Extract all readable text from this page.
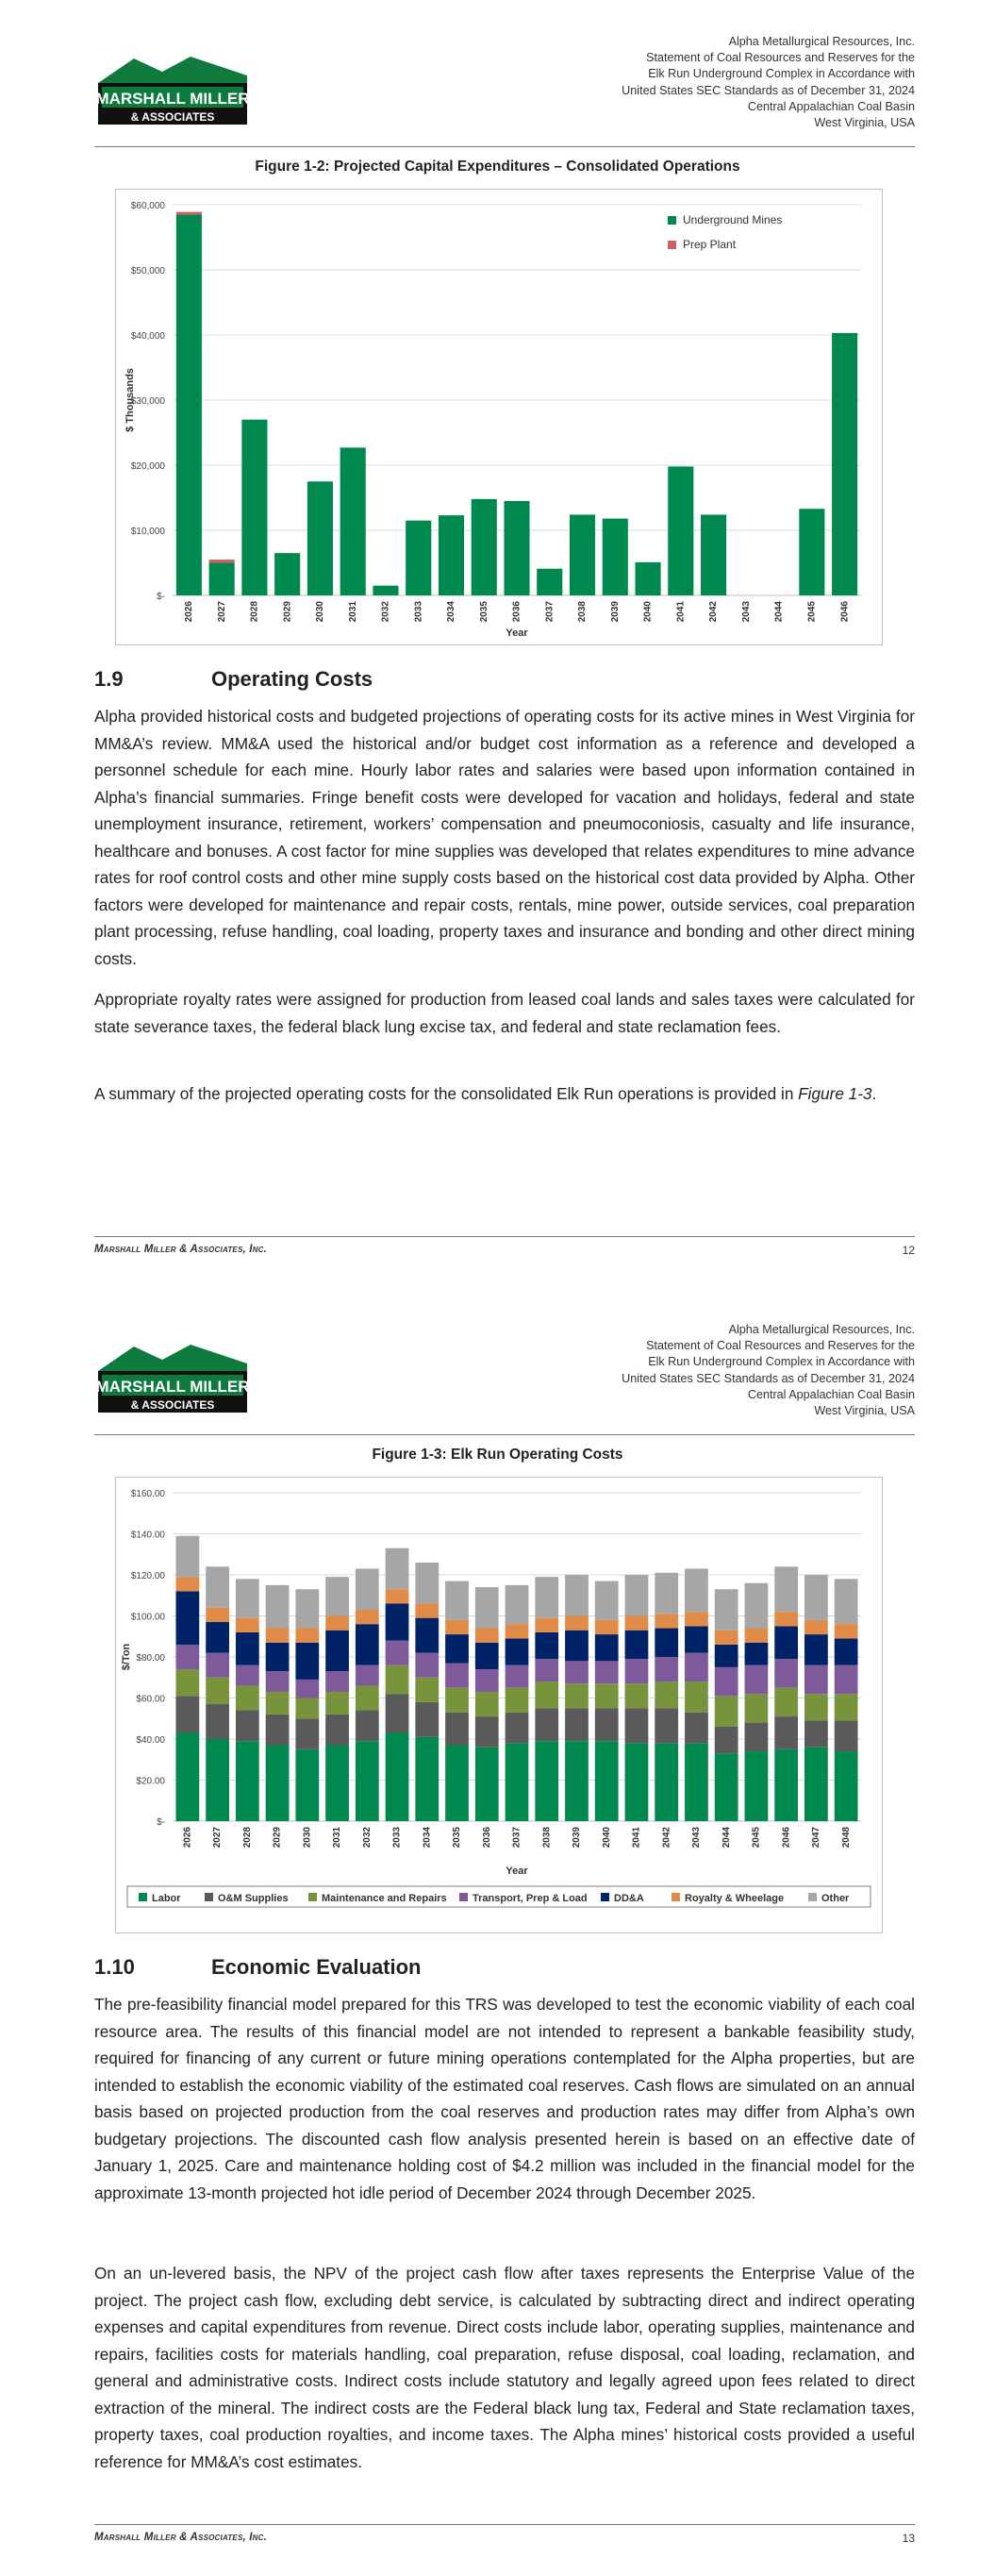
MARSHALL MILLER
& ASSOCIATES
Alpha Metallurgical Resources, Inc.
Statement of Coal Resources and Reserves for the
Elk Run Underground Complex in Accordance with
United States SEC Standards as of December 31, 2024
Central Appalachian Coal Basin
West Virginia, USA
Figure 1-2: Projected Capital Expenditures – Consolidated Operations
$-
$10,000
$20,000
$30,000
$40,000
$50,000
$60,000
2026 2027 2028 2029 2030 2031 2032 2033 2034 2035 2036 2037 2038 2039 2040 2041 2042 2043 2044 2045 2046
Year
$ Thousands
Underground Mines
Prep Plant
1.9	Operating Costs

Alpha provided historical costs and budgeted projections of operating costs for its active mines in West Virginia for MM&A’s review. MM&A used the historical and/or budget cost information as a reference and developed a personnel schedule for each mine. Hourly labor rates and salaries were based upon information contained in Alpha’s financial summaries. Fringe benefit costs were developed for vacation and holidays, federal and state unemployment insurance, retirement, workers’ compensation and pneumoconiosis, casualty and life insurance, healthcare and bonuses. A cost factor for mine supplies was developed that relates expenditures to mine advance rates for roof control costs and other mine supply costs based on the historical cost data provided by Alpha. Other factors were developed for maintenance and repair costs, rentals, mine power, outside services, coal preparation plant processing, refuse handling, coal loading, property taxes and insurance and bonding and other direct mining costs.

Appropriate royalty rates were assigned for production from leased coal lands and sales taxes were calculated for state severance taxes, the federal black lung excise tax, and federal and state reclamation fees.

A summary of the projected operating costs for the consolidated Elk Run operations is provided in Figure 1-3.

Marshall Miller & Associates, Inc.	12
MARSHALL MILLER
& ASSOCIATES
Alpha Metallurgical Resources, Inc.
Statement of Coal Resources and Reserves for the
Elk Run Underground Complex in Accordance with
United States SEC Standards as of December 31, 2024
Central Appalachian Coal Basin
West Virginia, USA
Figure 1-3: Elk Run Operating Costs
$-
$20.00
$40.00
$60.00
$80.00
$100.00
$120.00
$140.00
$160.00
2026 2027 2028 2029 2030 2031 2032 2033 2034 2035 2036 2037 2038 2039 2040 2041 2042 2043 2044 2045 2046 2047 2048
Year
$/Ton
Labor	O&M Supplies	Maintenance and Repairs Transport, Prep & Load	DD&A	Royalty & Wheelage	Other
1.10	Economic Evaluation

The pre-feasibility financial model prepared for this TRS was developed to test the economic viability of each coal resource area. The results of this financial model are not intended to represent a bankable feasibility study, required for financing of any current or future mining operations contemplated for the Alpha properties, but are intended to establish the economic viability of the estimated coal reserves. Cash flows are simulated on an annual basis based on projected production from the coal reserves and production rates may differ from Alpha’s own budgetary projections. The discounted cash flow analysis presented herein is based on an effective date of January 1, 2025. Care and maintenance holding cost of $4.2 million was included in the financial model for the approximate 13-month projected hot idle period of December 2024 through December 2025.

On an un-levered basis, the NPV of the project cash flow after taxes represents the Enterprise Value of the project. The project cash flow, excluding debt service, is calculated by subtracting direct and indirect operating expenses and capital expenditures from revenue. Direct costs include labor, operating supplies, maintenance and repairs, facilities costs for materials handling, coal preparation, refuse disposal, coal loading, reclamation, and general and administrative costs. Indirect costs include statutory and legally agreed upon fees related to direct extraction of the mineral. The indirect costs are the Federal black lung tax, Federal and State reclamation taxes, property taxes, coal production royalties, and income taxes. The Alpha mines’ historical costs provided a useful reference for MM&A’s cost estimates.

Marshall Miller & Associates, Inc.	13
